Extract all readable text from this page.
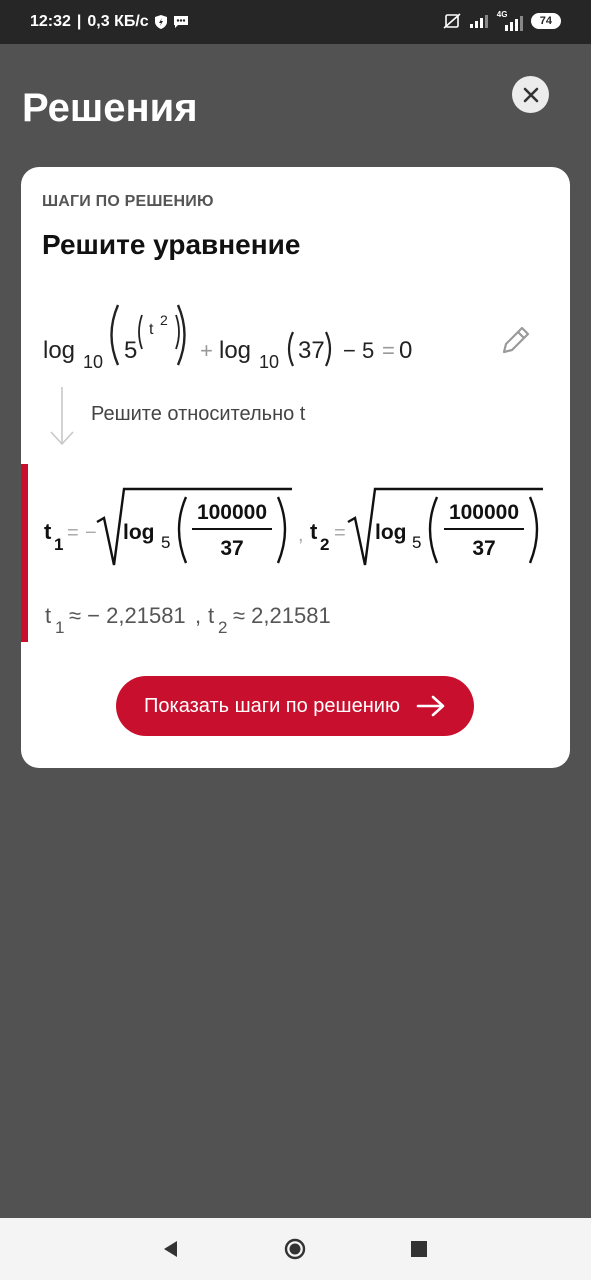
12:32 | 0,3 КБ/с	4G
74
Решения
ШАГИ ПО РЕШЕНИЮ
Решите уравнение
log 10 5
t
2
+ log 10 37 − 5 = 0
t
1
= − log 5
100000
37
, t
2
= log 5
100000
37
t 1 ≈ − 2,21581 , t 2 ≈ 2,21581
Решите относительно t
Показать шаги по решению
